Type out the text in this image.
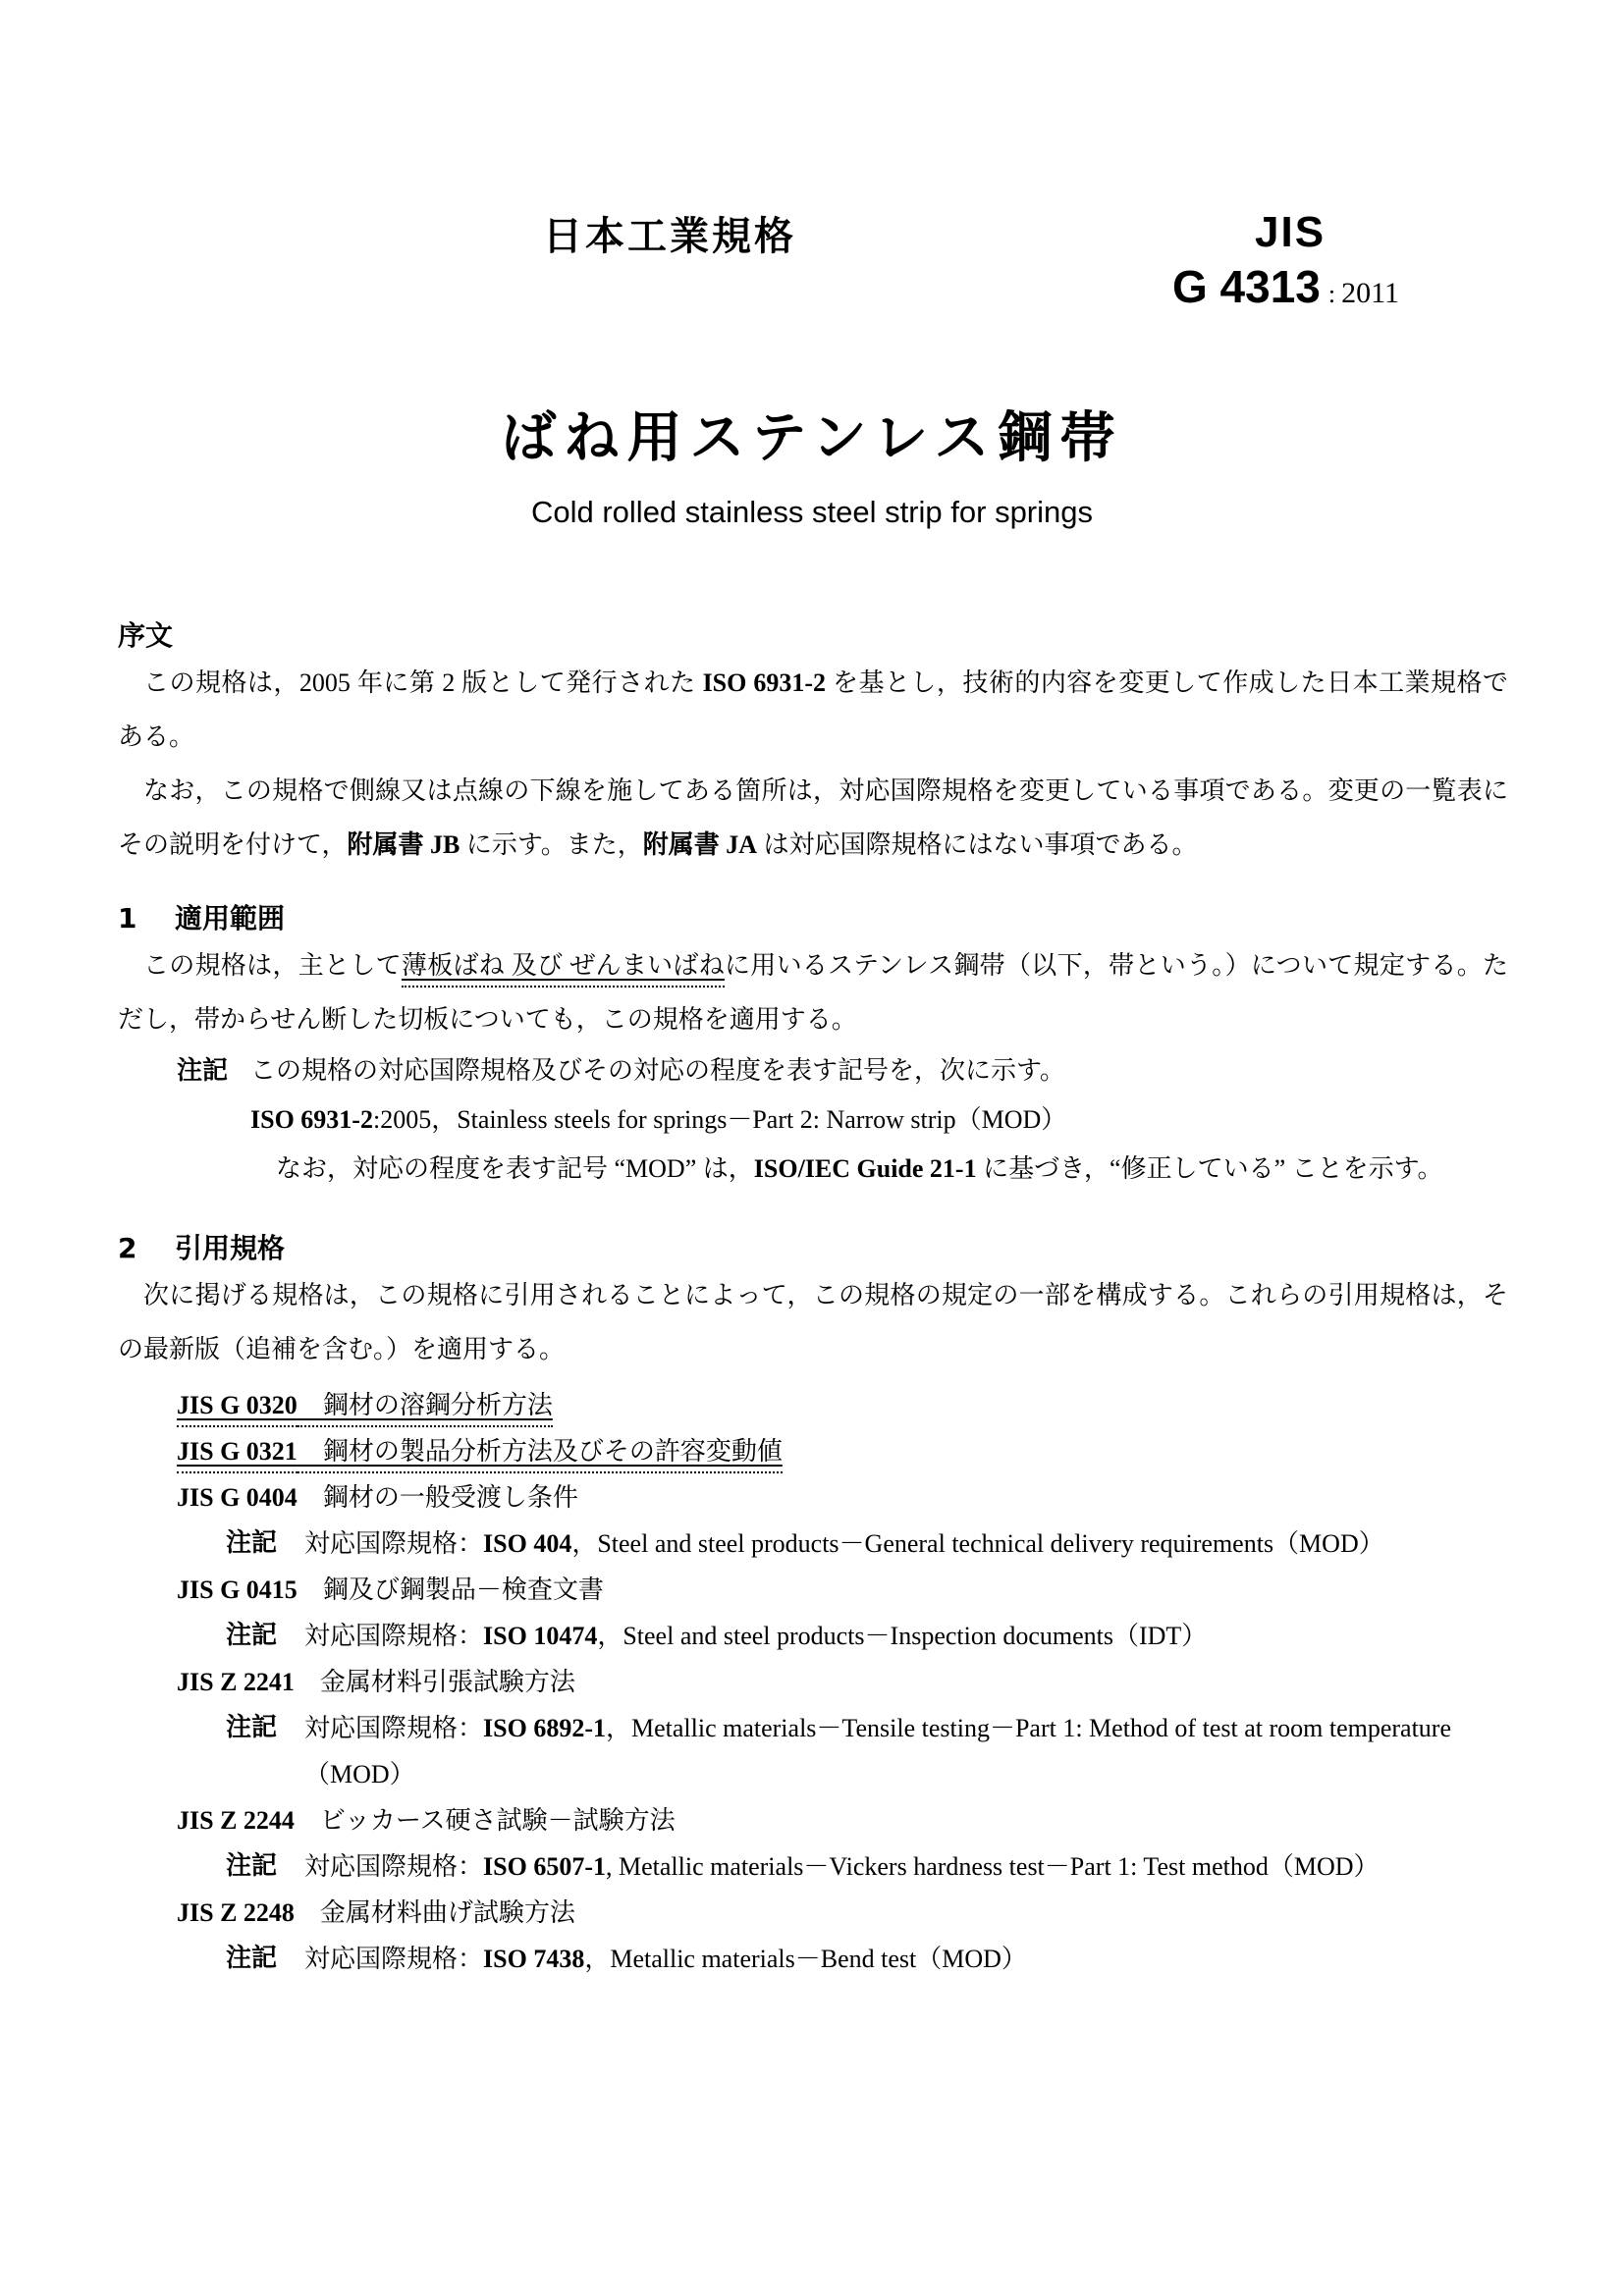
日本工業規格	JIS
G 4313 : 2011
ばね用ステンレス鋼帯
Cold rolled stainless steel strip for springs
序文

この規格は，2005 年に第 2 版として発行された ISO 6931-2 を基とし，技術的内容を変更して作成した日本工業規格である。

なお，この規格で側線又は点線の下線を施してある箇所は，対応国際規格を変更している事項である。変更の一覧表にその説明を付けて，附属書 JB に示す。また，附属書 JA は対応国際規格にはない事項である。

1 適用範囲

この規格は，主として薄板ばね 及び ぜんまいばねに用いるステンレス鋼帯（以下，帯という。）について規定する。ただし，帯からせん断した切板についても，この規格を適用する。

注記 この規格の対応国際規格及びその対応の程度を表す記号を，次に示す。
ISO 6931-2:2005，Stainless steels for springs－Part 2: Narrow strip（MOD）
なお，対応の程度を表す記号 “MOD” は，ISO/IEC Guide 21-1 に基づき，“修正している” ことを示す。
2 引用規格

次に掲げる規格は，この規格に引用されることによって，この規格の規定の一部を構成する。これらの引用規格は，その最新版（追補を含む。）を適用する。

JIS G 0320　鋼材の溶鋼分析方法
JIS G 0321　鋼材の製品分析方法及びその許容変動値
JIS G 0404　鋼材の一般受渡し条件
注記 対応国際規格：ISO 404，Steel and steel products－General technical delivery requirements（MOD）
JIS G 0415　鋼及び鋼製品－検査文書
注記 対応国際規格：ISO 10474，Steel and steel products－Inspection documents（IDT）
JIS Z 2241　金属材料引張試験方法
注記 対応国際規格：ISO 6892-1，Metallic materials－Tensile testing－Part 1: Method of test at room temperature（MOD）
JIS Z 2244　ビッカース硬さ試験－試験方法
注記 対応国際規格：ISO 6507-1, Metallic materials－Vickers hardness test－Part 1: Test method（MOD）
JIS Z 2248　金属材料曲げ試験方法
注記 対応国際規格：ISO 7438，Metallic materials－Bend test（MOD）
